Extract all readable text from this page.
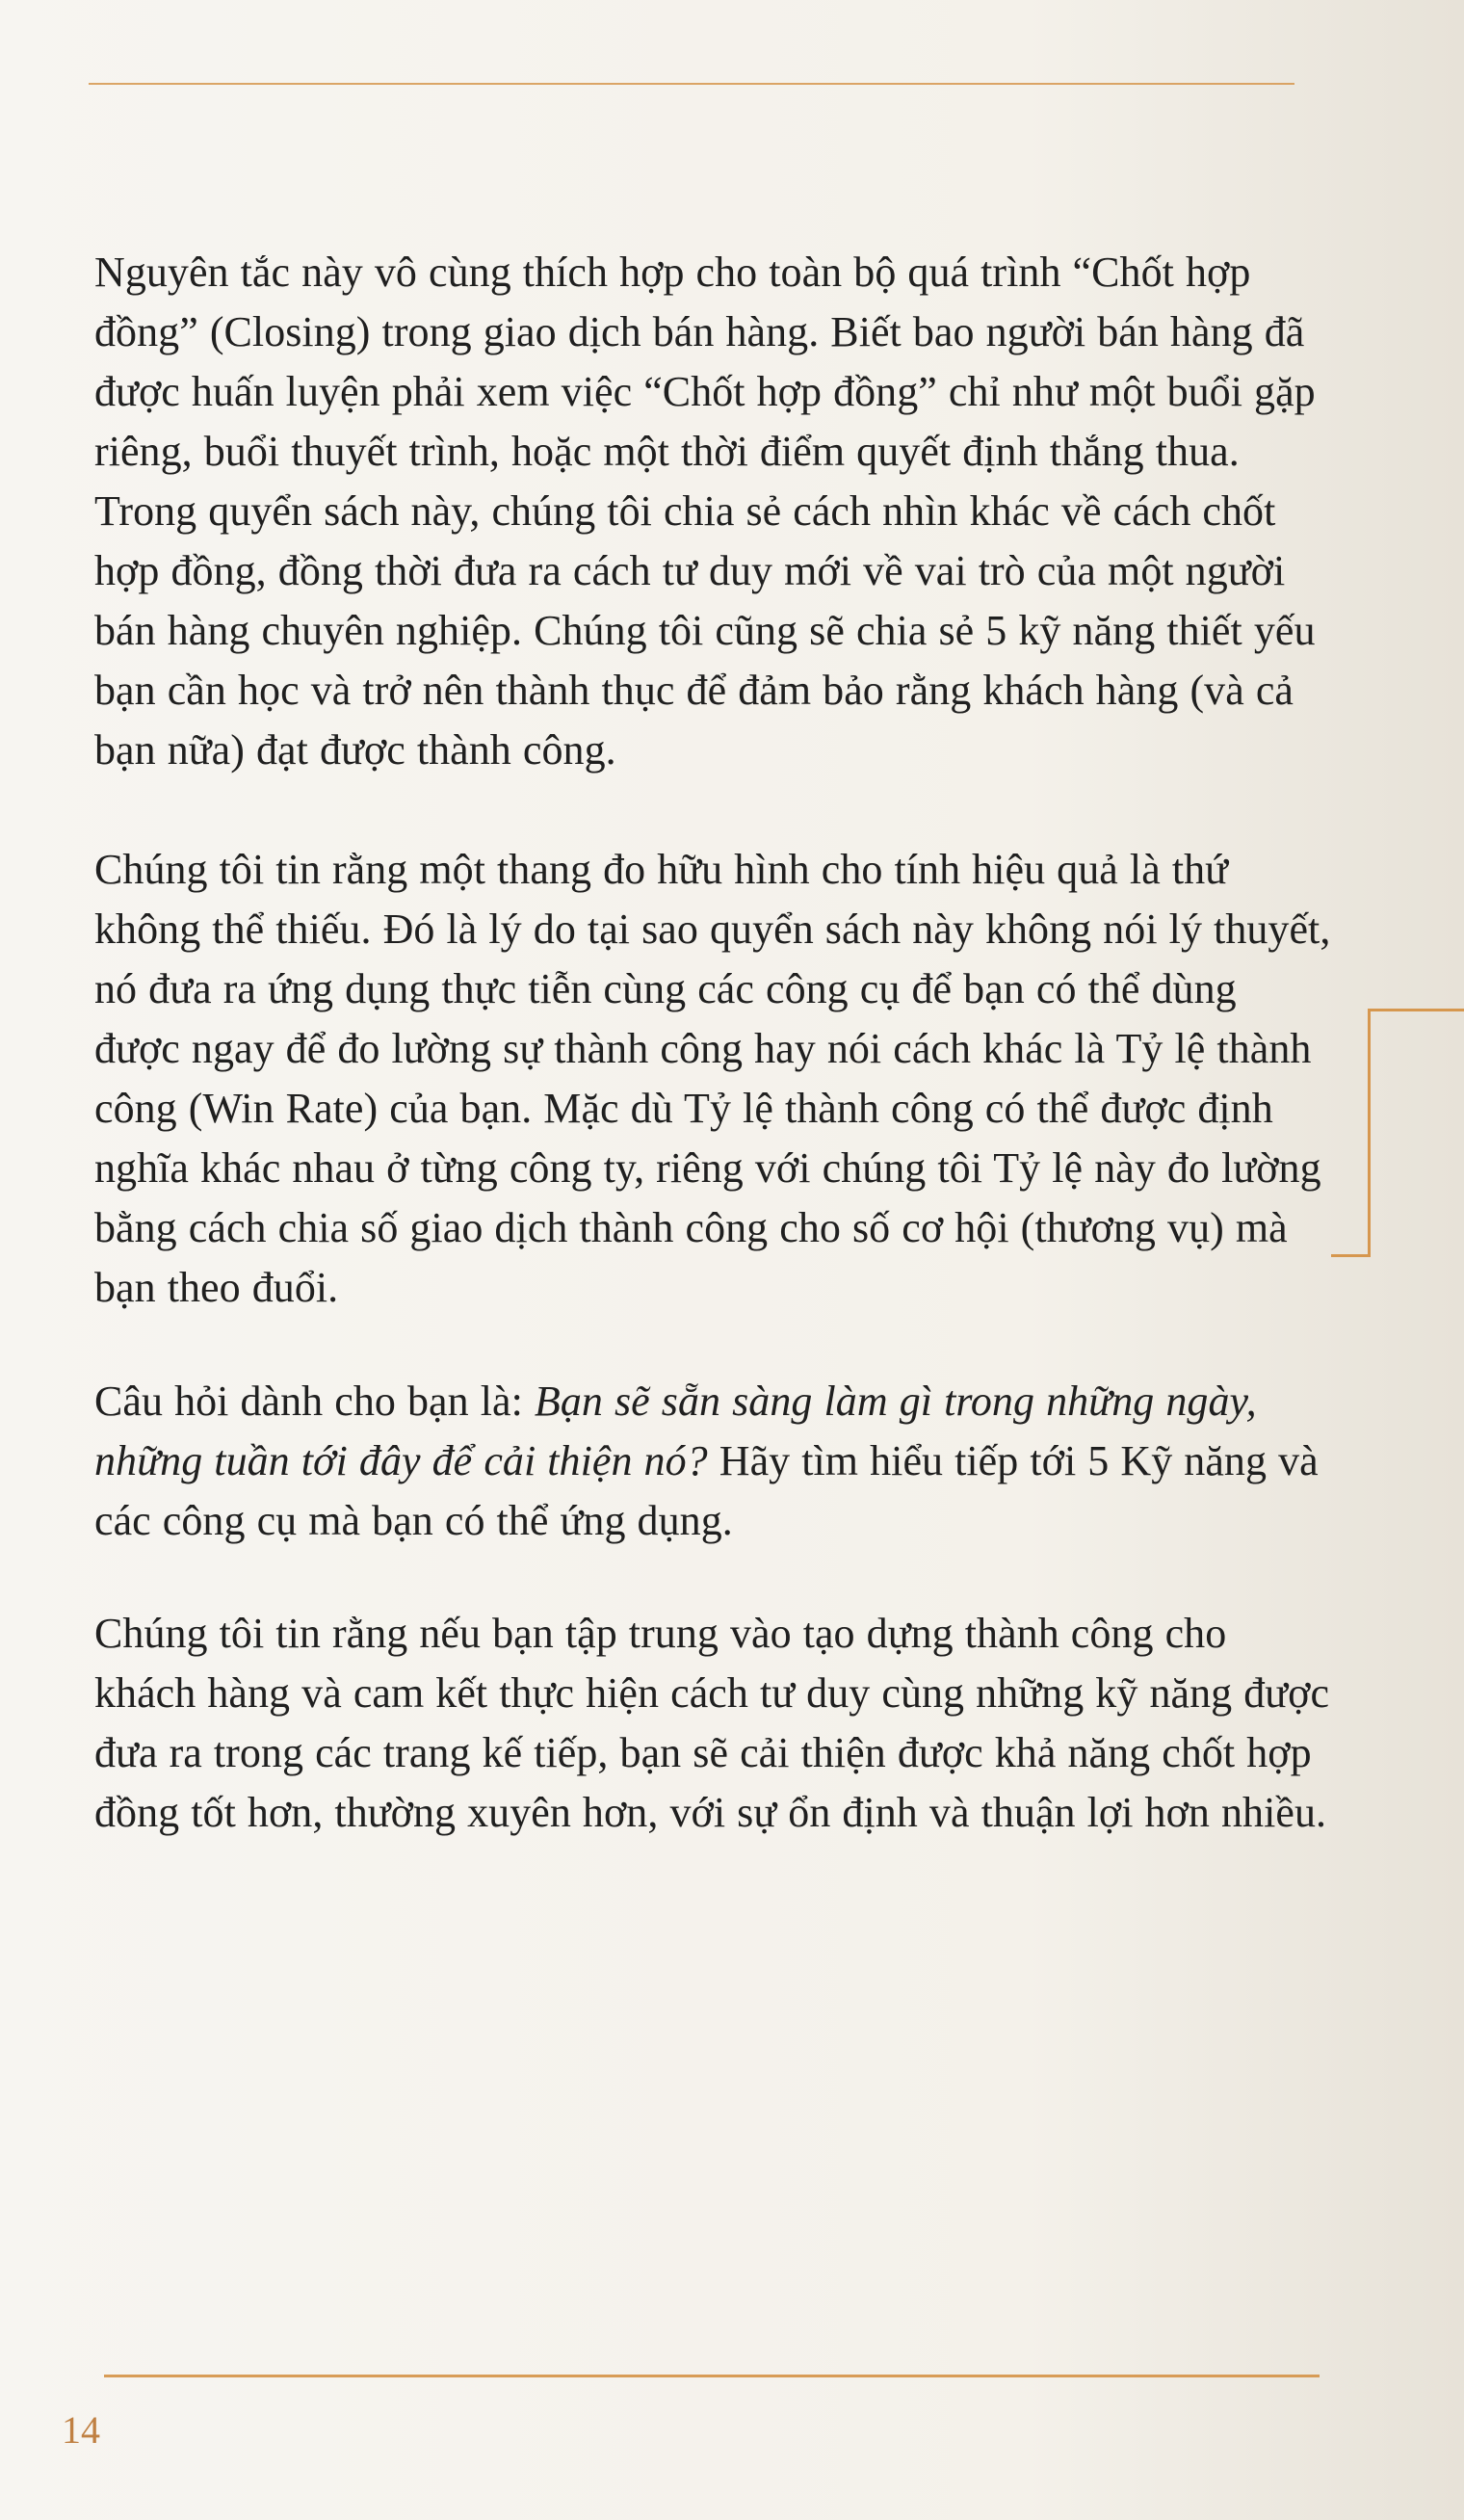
Nguyên tắc này vô cùng thích hợp cho toàn bộ quá trình “Chốt hợp đồng” (Closing) trong giao dịch bán hàng. Biết bao người bán hàng đã được huấn luyện phải xem việc “Chốt hợp đồng” chỉ như một buổi gặp riêng, buổi thuyết trình, hoặc một thời điểm quyết định thắng thua. Trong quyển sách này, chúng tôi chia sẻ cách nhìn khác về cách chốt hợp đồng, đồng thời đưa ra cách tư duy mới về vai trò của một người bán hàng chuyên nghiệp. Chúng tôi cũng sẽ chia sẻ 5 kỹ năng thiết yếu bạn cần học và trở nên thành thục để đảm bảo rằng khách hàng (và cả bạn nữa) đạt được thành công.

Chúng tôi tin rằng một thang đo hữu hình cho tính hiệu quả là thứ không thể thiếu. Đó là lý do tại sao quyển sách này không nói lý thuyết, nó đưa ra ứng dụng thực tiễn cùng các công cụ để bạn có thể dùng được ngay để đo lường sự thành công hay nói cách khác là Tỷ lệ thành công (Win Rate) của bạn. Mặc dù Tỷ lệ thành công có thể được định nghĩa khác nhau ở từng công ty, riêng với chúng tôi Tỷ lệ này đo lường bằng cách chia số giao dịch thành công cho số cơ hội (thương vụ) mà bạn theo đuổi.

Câu hỏi dành cho bạn là: Bạn sẽ sẵn sàng làm gì trong những ngày, những tuần tới đây để cải thiện nó? Hãy tìm hiểu tiếp tới 5 Kỹ năng và các công cụ mà bạn có thể ứng dụng.

Chúng tôi tin rằng nếu bạn tập trung vào tạo dựng thành công cho khách hàng và cam kết thực hiện cách tư duy cùng những kỹ năng được đưa ra trong các trang kế tiếp, bạn sẽ cải thiện được khả năng chốt hợp đồng tốt hơn, thường xuyên hơn, với sự ổn định và thuận lợi hơn nhiều.

14
